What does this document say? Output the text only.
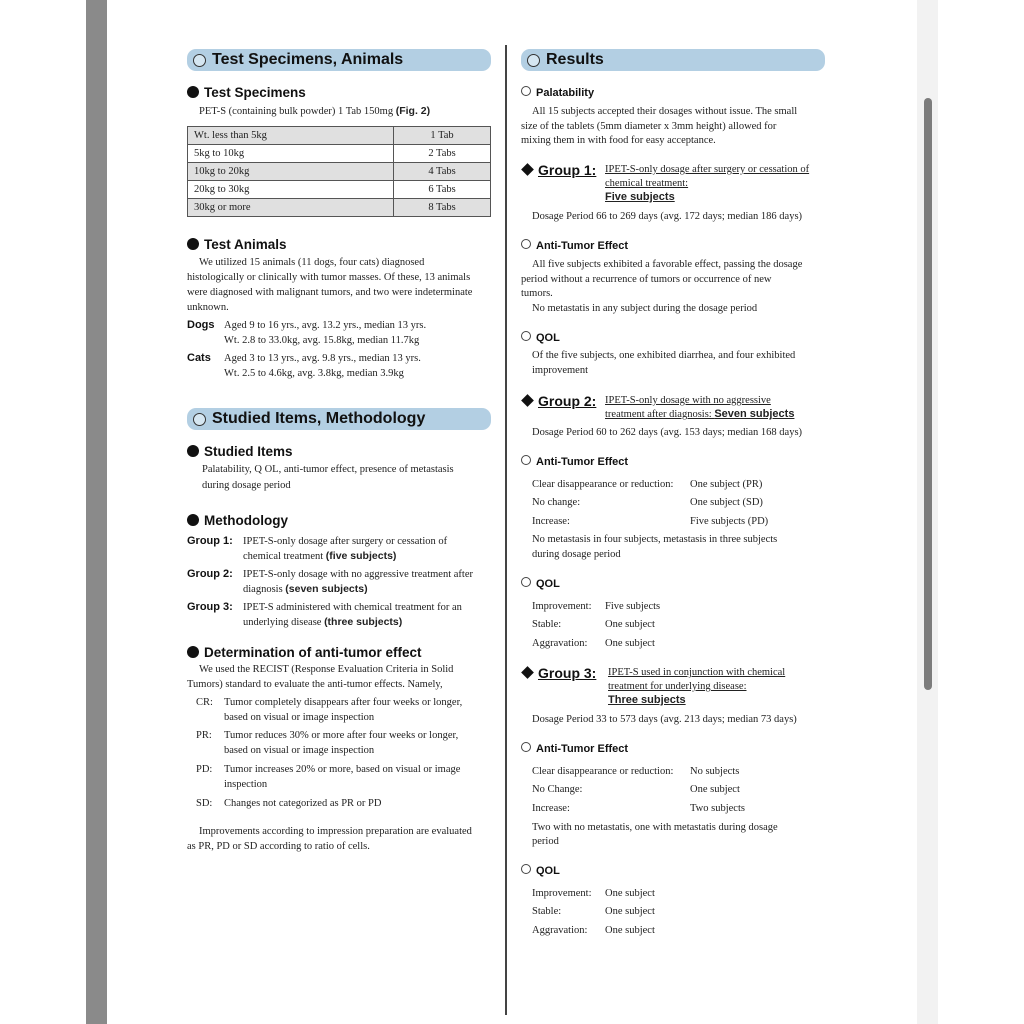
Test Specimens, Animals
Test Specimens
PET-S (containing bulk powder) 1 Tab 150mg (Fig. 2)
Wt. less than 5kg	1 Tab
5kg to 10kg	2 Tabs
10kg to 20kg	4 Tabs
20kg to 30kg	6 Tabs
30kg or more	8 Tabs
Test Animals
We utilized 15 animals (11 dogs, four cats) diagnosed
histologically or clinically with tumor masses. Of these, 13 animals
were diagnosed with malignant tumors, and two were indeterminate
unknown.
Dogs Aged 9 to 16 yrs., avg. 13.2 yrs., median 13 yrs.
Wt. 2.8 to 33.0kg, avg. 15.8kg, median 11.7kg
Cats Aged 3 to 13 yrs., avg. 9.8 yrs., median 13 yrs.
Wt. 2.5 to 4.6kg, avg. 3.8kg, median 3.9kg
Studied Items, Methodology
Studied Items
Palatability, Q OL, anti-tumor effect, presence of metastasis
during dosage period
Methodology
Group 1: IPET-S-only dosage after surgery or cessation of
chemical treatment (five subjects)
Group 2: IPET-S-only dosage with no aggressive treatment after
diagnosis (seven subjects)
Group 3: IPET-S administered with chemical treatment for an
underlying disease (three subjects)
Determination of anti-tumor effect
We used the RECIST (Response Evaluation Criteria in Solid
Tumors) standard to evaluate the anti-tumor effects. Namely,
CR: Tumor completely disappears after four weeks or longer,
based on visual or image inspection
PR: Tumor reduces 30% or more after four weeks or longer,
based on visual or image inspection
PD: Tumor increases 20% or more, based on visual or image
inspection
SD: Changes not categorized as PR or PD
Improvements according to impression preparation are evaluated
as PR, PD or SD according to ratio of cells.
Results
Palatability
All 15 subjects accepted their dosages without issue. The small
size of the tablets (5mm diameter x 3mm height) allowed for
mixing them in with food for easy acceptance.
Group 1: IPET-S-only dosage after surgery or cessation of
chemical treatment:
Five subjects
Dosage Period 66 to 269 days (avg. 172 days; median 186 days)
Anti-Tumor Effect
All five subjects exhibited a favorable effect, passing the dosage
period without a recurrence of tumors or occurrence of new
tumors.
No metastatis in any subject during the dosage period
QOL
Of the five subjects, one exhibited diarrhea, and four exhibited
improvement
Group 2: IPET-S-only dosage with no aggressive
treatment after diagnosis: Seven subjects
Dosage Period 60 to 262 days (avg. 153 days; median 168 days)
Anti-Tumor Effect
Clear disappearance or reduction: One subject (PR)
No change:	One subject (SD)
Increase:	Five subjects (PD)
No metastasis in four subjects, metastasis in three subjects
during dosage period
QOL
Improvement: Five subjects
Stable:	One subject
Aggravation: One subject
Group 3: IPET-S used in conjunction with chemical
treatment for underlying disease:
Three subjects
Dosage Period 33 to 573 days (avg. 213 days; median 73 days)
Anti-Tumor Effect
Clear disappearance or reduction: No subjects
No Change:	One subject
Increase:	Two subjects
Two with no metastatis, one with metastatis during dosage
period
QOL
Improvement: One subject
Stable:	One subject
Aggravation: One subject
